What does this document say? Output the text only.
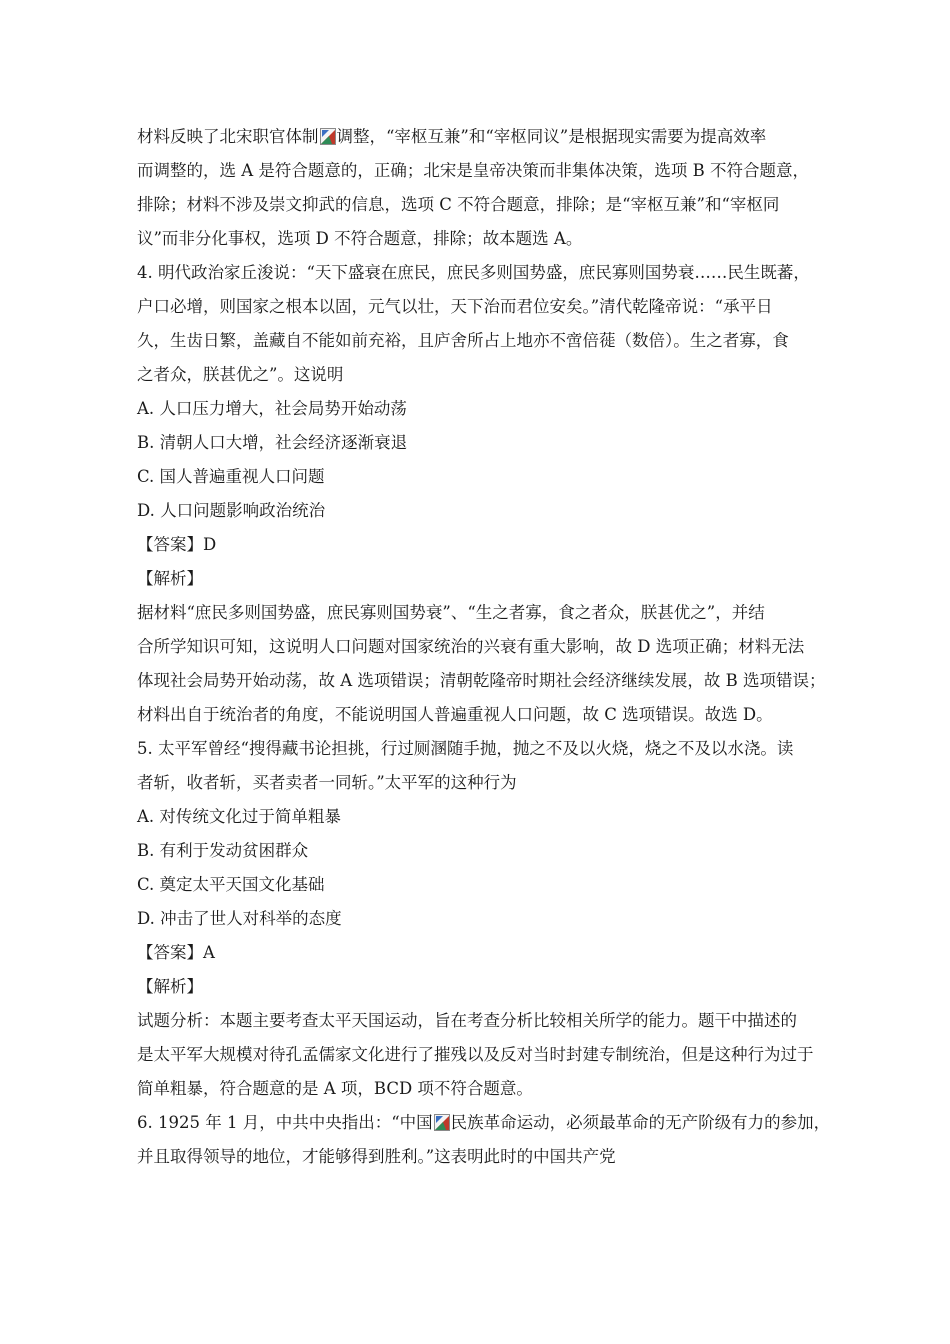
材料反映了北宋职官体制 调整，“宰枢互兼”和“宰枢同议”是根据现实需要为提高效率
而调整的，选 A 是符合题意的，正确；北宋是皇帝决策而非集体决策，选项 B 不符合题意，
排除；材料不涉及崇文抑武的信息，选项 C 不符合题意，排除；是“宰枢互兼”和“宰枢同
议”而非分化事权，选项 D 不符合题意，排除；故本题选 A。
4. 明代政治家丘浚说：“天下盛衰在庶民，庶民多则国势盛，庶民寡则国势衰……民生既蕃，
户口必增，则国家之根本以固，元气以壮，天下治而君位安矣。”清代乾隆帝说：“承平日
久，生齿日繁，盖藏自不能如前充裕，且庐舍所占上地亦不啻倍蓰（数倍）。生之者寡，食
之者众，朕甚优之”。这说明
A. 人口压力增大，社会局势开始动荡
B. 清朝人口大增，社会经济逐渐衰退
C. 国人普遍重视人口问题
D. 人口问题影响政治统治
【答案】D
【解析】
据材料“庶民多则国势盛，庶民寡则国势衰”、“生之者寡，食之者众，朕甚优之”，并结
合所学知识可知，这说明人口问题对国家统治的兴衰有重大影响，故 D 选项正确；材料无法
体现社会局势开始动荡，故 A 选项错误；清朝乾隆帝时期社会经济继续发展，故 B 选项错误；
材料出自于统治者的角度，不能说明国人普遍重视人口问题，故 C 选项错误。故选 D。
5. 太平军曾经“搜得藏书论担挑，行过厕溷随手抛，抛之不及以火烧，烧之不及以水浇。读
者斩，收者斩，买者卖者一同斩。”太平军的这种行为
A. 对传统文化过于简单粗暴
B. 有利于发动贫困群众
C. 奠定太平天国文化基础
D. 冲击了世人对科举的态度
【答案】A
【解析】
试题分析：本题主要考查太平天国运动，旨在考查分析比较相关所学的能力。题干中描述的
是太平军大规模对待孔孟儒家文化进行了摧残以及反对当时封建专制统治，但是这种行为过于
简单粗暴，符合题意的是 A 项，BCD 项不符合题意。
6. 1925 年 1 月，中共中央指出：“中国 民族革命运动，必须最革命的无产阶级有力的参加，
并且取得领导的地位，才能够得到胜利。”这表明此时的中国共产党
